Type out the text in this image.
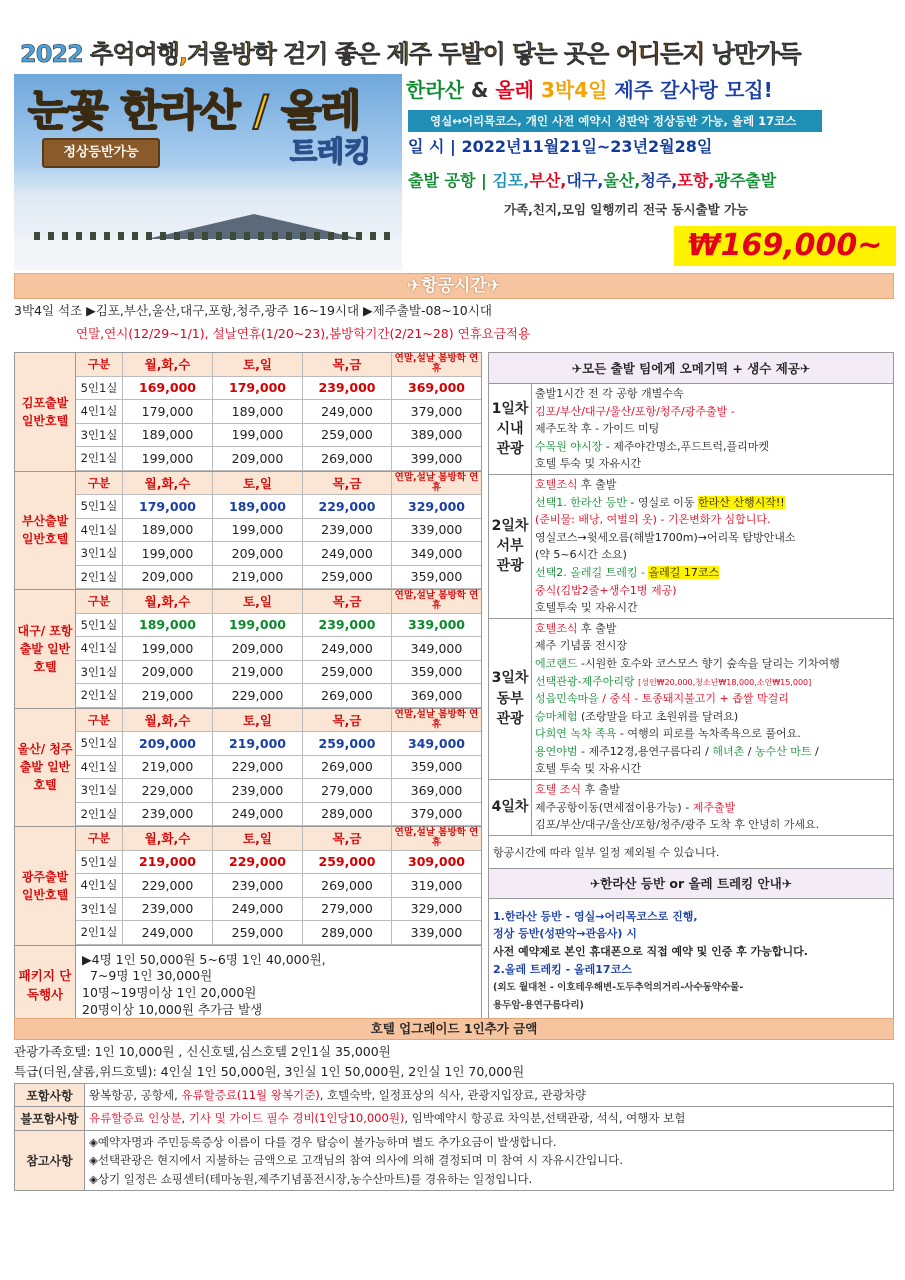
2022 추억여행,겨울방학 걷기 좋은 제주 두발이 닿는 곳은 어디든지 낭만가득
눈꽃 한라산 / 올레
정상등반가능	트레킹
한라산 & 올레 3박4일 제주 갈사랑 모집!
영실↔어리목코스, 개인 사전 예약시 성판악 정상등반 가능, 올레 17코스
일 시 | 2022년11월21일~23년2월28일
출발 공항 | 김포,부산,대구,울산,청주,포항,광주출발
가족,친지,모임 일행끼리 전국 동시출발 가능
₩169,000~
✈항공시간✈
3박4일 석조 ▶김포,부산,울산,대구,포항,청주,광주 16~19시대 ▶제주출발-08~10시대
연말,연시(12/29~1/1), 설날연휴(1/20~23),봄방학기간(2/21~28) 연휴요금적용
김포출발 일반호텔
구분	월,화,수	토,일	목,금	연말,설날 봄방학 연휴
5인1실	169,000	179,000	239,000	369,000
4인1실	179,000	189,000	249,000	379,000
3인1실	189,000	199,000	259,000	389,000
2인1실	199,000	209,000	269,000	399,000
부산출발 일반호텔
구분	월,화,수	토,일	목,금	연말,설날 봄방학 연휴
5인1실	179,000	189,000	229,000	329,000
4인1실	189,000	199,000	239,000	339,000
3인1실	199,000	209,000	249,000	349,000
2인1실	209,000	219,000	259,000	359,000
대구/ 포항출발 일반호텔
구분	월,화,수	토,일	목,금	연말,설날 봄방학 연휴
5인1실	189,000	199,000	239,000	339,000
4인1실	199,000	209,000	249,000	349,000
3인1실	209,000	219,000	259,000	359,000
2인1실	219,000	229,000	269,000	369,000
울산/ 청주출발 일반호텔
구분	월,화,수	토,일	목,금	연말,설날 봄방학 연휴
5인1실	209,000	219,000	259,000	349,000
4인1실	219,000	229,000	269,000	359,000
3인1실	229,000	239,000	279,000	369,000
2인1실	239,000	249,000	289,000	379,000
광주출발 일반호텔
구분	월,화,수	토,일	목,금	연말,설날 봄방학 연휴
5인1실	219,000	229,000	259,000	309,000
4인1실	229,000	239,000	269,000	319,000
3인1실	239,000	249,000	279,000	329,000
2인1실	249,000	259,000	289,000	339,000
패키지 단독행사
▶4명 1인 50,000원 5~6명 1인 40,000원,
7~9명 1인 30,000원
10명~19명이상 1인 20,000원
20명이상 10,000원 추가금 발생
✈모든 출발 팀에게 오메기떡 + 생수 제공✈
1일차 시내 관광
출발1시간 전 각 공항 개별수속
김포/부산/대구/울산/포항/청주/광주출발 -
제주도착 후 - 가이드 미팅
수목원 야시장 - 제주야간명소,푸드트럭,플리마켓
호텔 투숙 및 자유시간
2일차 서부 관광
호텔조식 후 출발
선택1. 한라산 등반 - 영실로 이동 한라산 산행시작!!
(준비물: 배낭, 여벌의 옷) - 기온변화가 심합니다.
영실코스→윗세오름(해발1700m)→어리목 탐방안내소
(약 5~6시간 소요)
선택2. 올레길 트레킹 - 올레길 17코스
중식(김밥2줄+생수1병 제공)
호텔투숙 및 자유시간
3일차 동부 관광
호텔조식 후 출발
제주 기념품 전시장
에코랜드 -시원한 호수와 코스모스 향기 숲속을 달리는 기차여행
선택관광-제주아리랑 [성인₩20,000,청소년₩18,000,소인₩15,000]
성읍민속마을 / 중식 - 토종돼지불고기 + 좁쌀 막걸리
승마체험 (조랑말을 타고 초원위를 달려요)
다희연 녹차 족욕 - 여행의 피로를 녹차족욕으로 풀어요.
용연야범 - 제주12경,용연구름다리 / 해녀촌 / 농수산 마트 /
호텔 투숙 및 자유시간
4일차
호텔 조식 후 출발
제주공항이동(면세점이용가능) - 제주출발
김포/부산/대구/울산/포항/청주/광주 도착 후 안녕히 가세요.
항공시간에 따라 일부 일정 제외될 수 있습니다.
✈한라산 등반 or 올레 트레킹 안내✈
1.한라산 등반 - 영실→어리목코스로 진행,
정상 등반(성판악→관음사) 시
사전 예약제로 본인 휴대폰으로 직접 예약 및 인증 후 가능합니다.
2.올레 트레킹 - 올레17코스
(외도 월대천 - 이호테우해변-도두추억의거리-사수동약수물-
용두암-용연구름다리)
호텔 업그레이드 1인추가 금액
관광가족호텔: 1인 10,000원 , 신신호텔,심스호텔 2인1실 35,000원
특급(더원,샬롬,위드호텔): 4인실 1인 50,000원, 3인실 1인 50,000원, 2인실 1인 70,000원
포함사항	왕복항공, 공항세, 유류할증료(11월 왕복기준), 호텔숙박, 일정표상의 식사, 관광지입장료, 관광차량
불포함사항 유류할증료 인상분, 기사 및 가이드 필수 경비(1인당10,000원), 임박예약시 항공료 차익분,선택관광, 석식, 여행자 보험
참고사항
◈예약자명과 주민등록증상 이름이 다를 경우 탑승이 불가능하며 별도 추가요금이 발생합니다.
◈선택관광은 현지에서 지불하는 금액으로 고객님의 참여 의사에 의해 결정되며 미 참여 시 자유시간입니다.
◈상기 일정은 쇼핑센터(테마농원,제주기념품전시장,농수산마트)를 경유하는 일정입니다.
